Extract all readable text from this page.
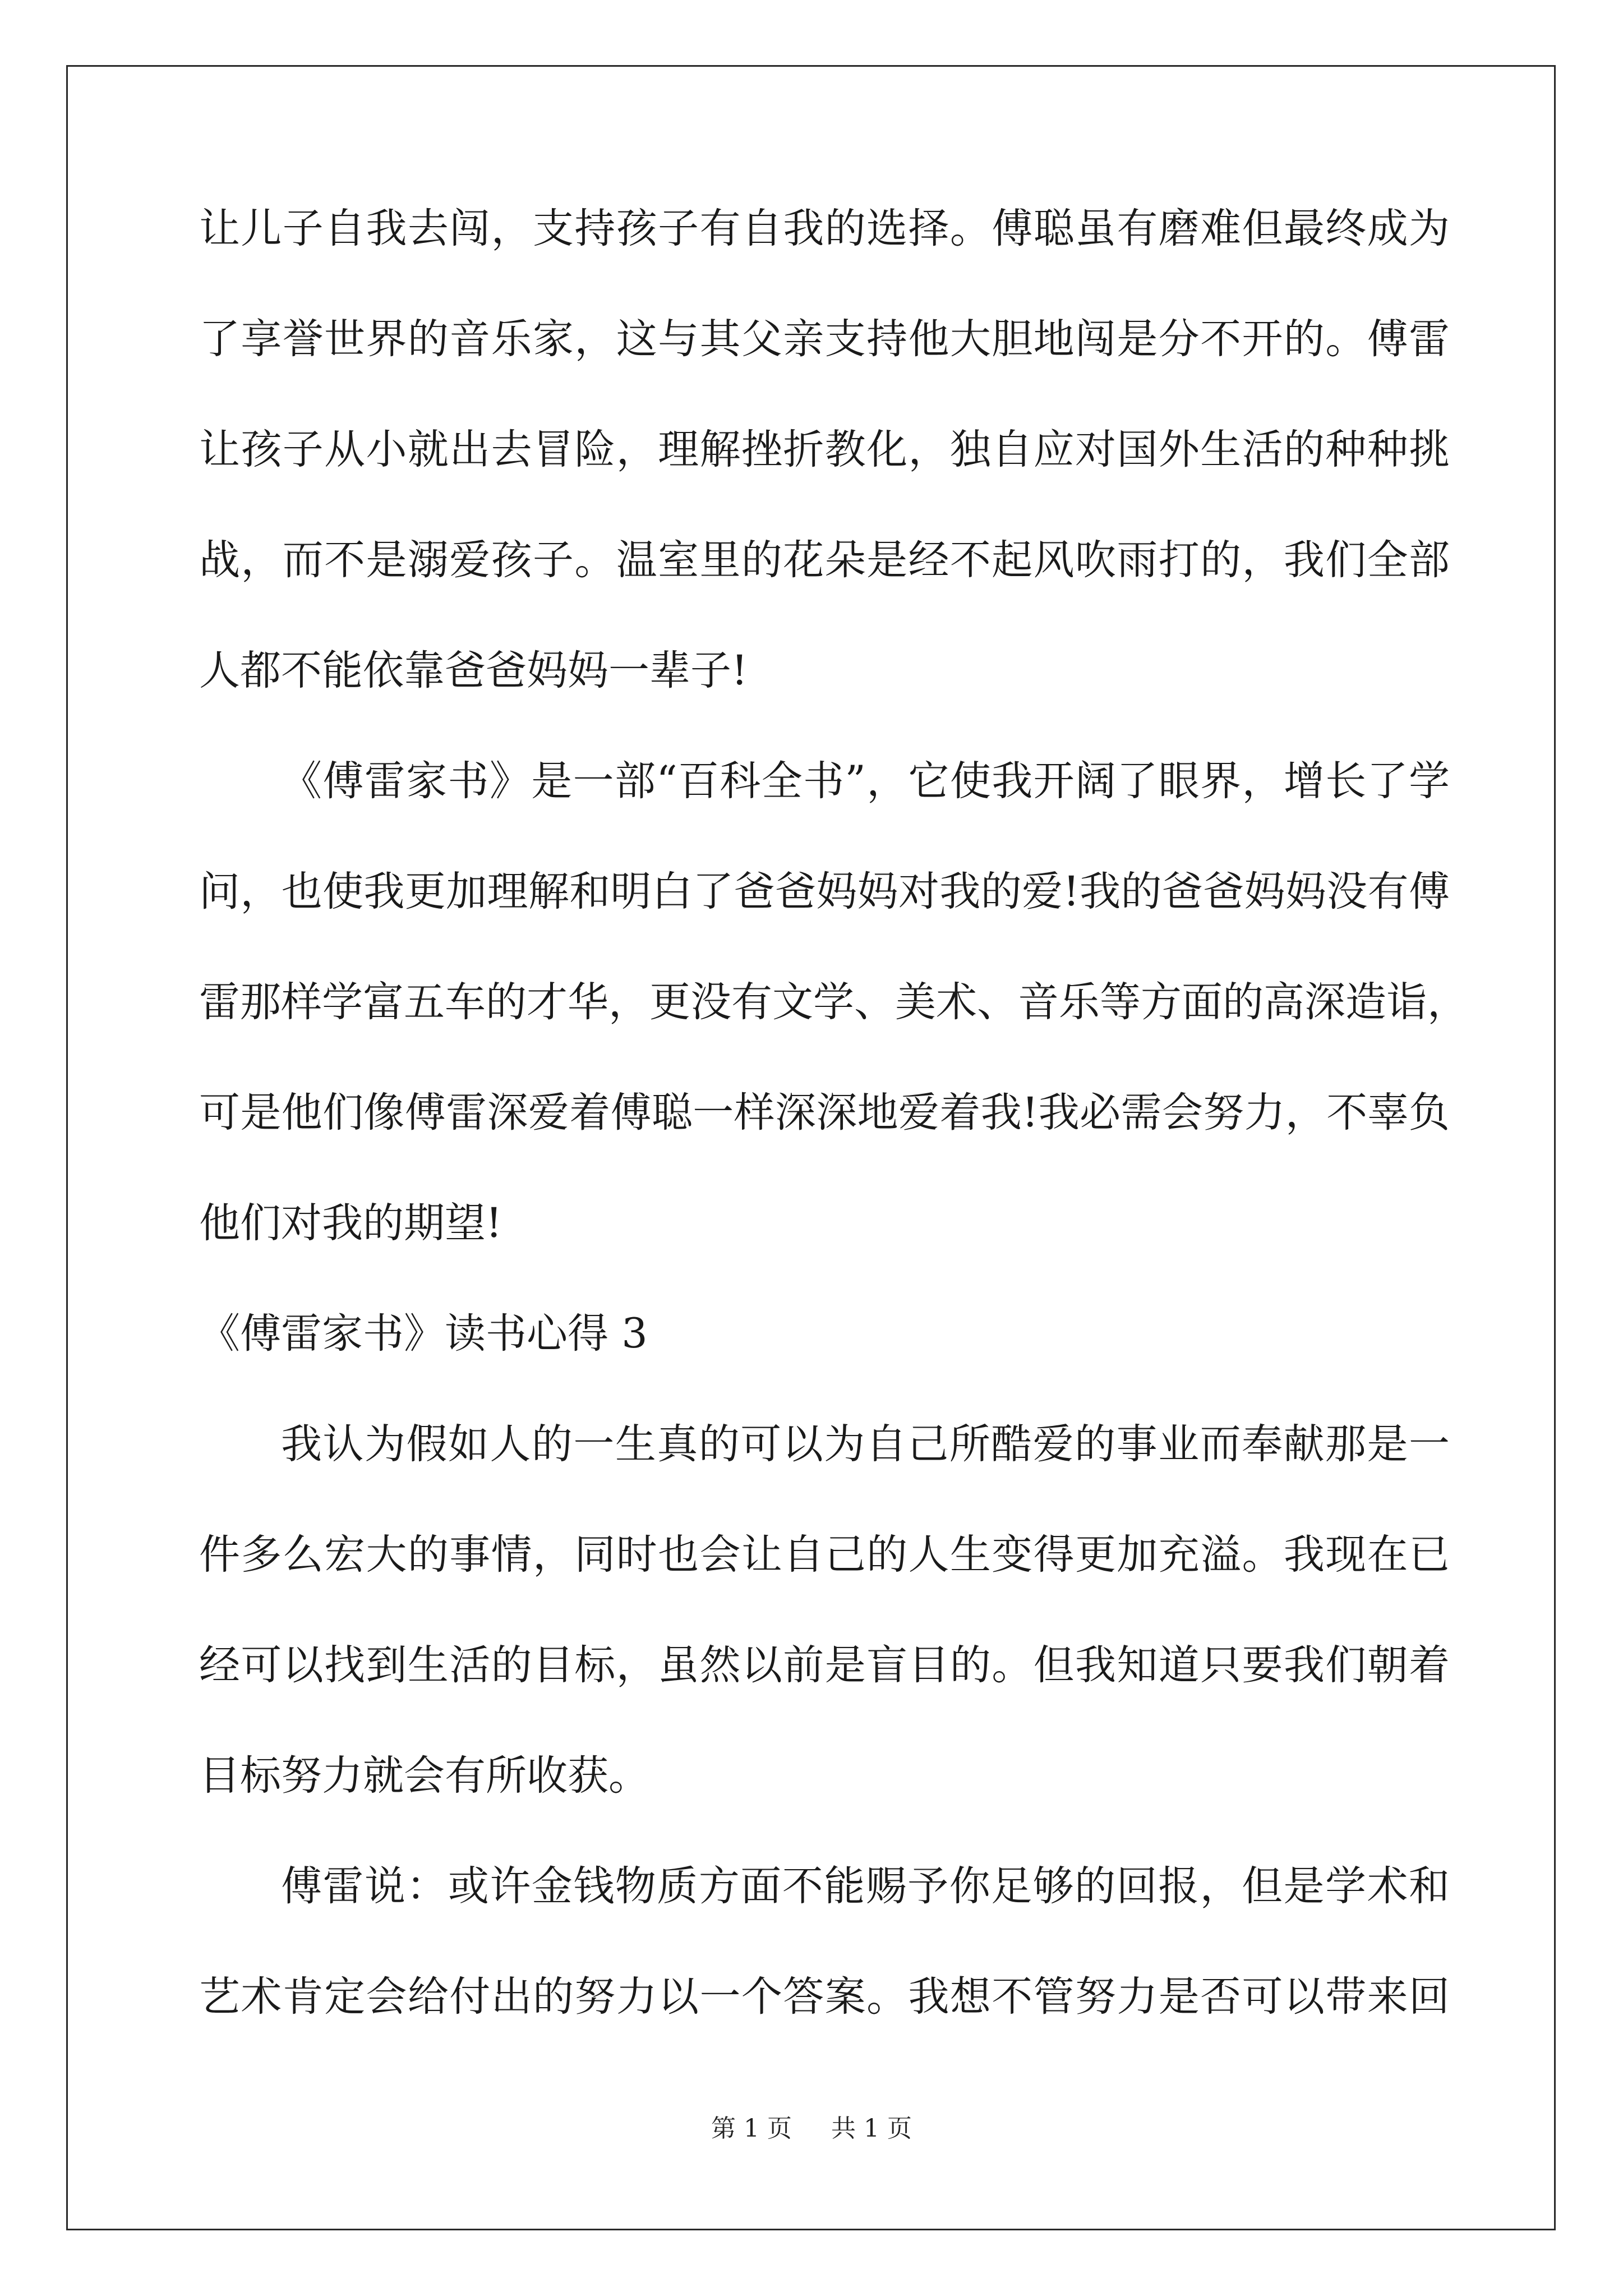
让儿子自我去闯，支持孩子有自我的选择。傅聪虽有磨难但最终成为
了享誉世界的音乐家，这与其父亲支持他大胆地闯是分不开的。傅雷
让孩子从小就出去冒险，理解挫折教化，独自应对国外生活的种种挑
战，而不是溺爱孩子。温室里的花朵是经不起风吹雨打的，我们全部
人都不能依靠爸爸妈妈一辈子!
《傅雷家书》是一部“百科全书”，它使我开阔了眼界，增长了学
问，也使我更加理解和明白了爸爸妈妈对我的爱!我的爸爸妈妈没有傅
雷那样学富五车的才华，更没有文学、美术、音乐等方面的高深造诣，
可是他们像傅雷深爱着傅聪一样深深地爱着我!我必需会努力，不辜负
他们对我的期望!
《傅雷家书》读书心得 3
我认为假如人的一生真的可以为自己所酷爱的事业而奉献那是一
件多么宏大的事情，同时也会让自己的人生变得更加充溢。我现在已
经可以找到生活的目标，虽然以前是盲目的。但我知道只要我们朝着
目标努力就会有所收获。
傅雷说：或许金钱物质方面不能赐予你足够的回报，但是学术和
艺术肯定会给付出的努力以一个答案。我想不管努力是否可以带来回
第 1 页 共 1 页
